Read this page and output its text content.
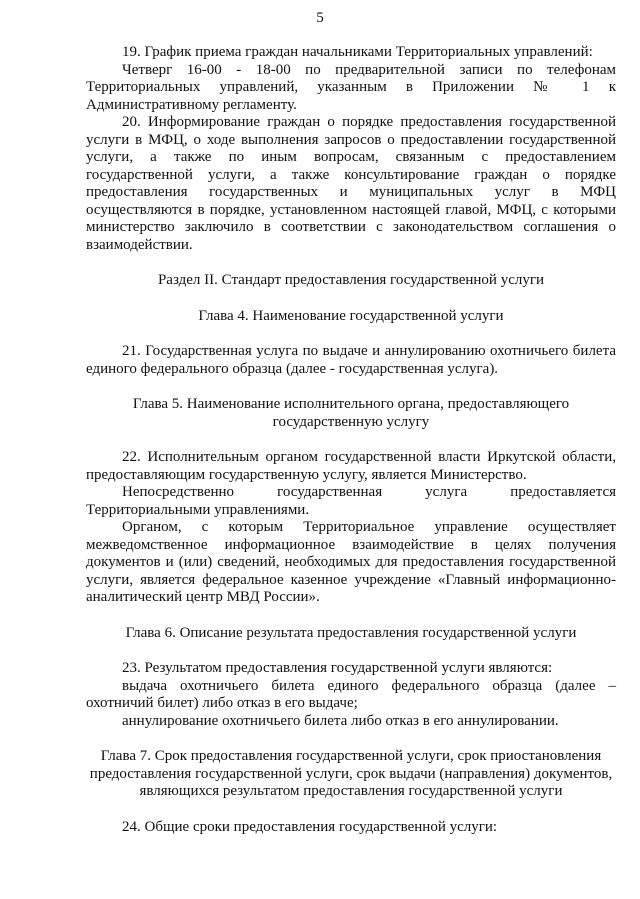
5

19. График приема граждан начальниками Территориальных управлений:

Четверг 16-00 - 18-00 по предварительной записи по телефонам Территориальных управлений, указанным в Приложении № 1 к Административному регламенту.

20. Информирование граждан о порядке предоставления государственной услуги в МФЦ, о ходе выполнения запросов о предоставлении государственной услуги, а также по иным вопросам, связанным с предоставлением государственной услуги, а также консультирование граждан о порядке предоставления государственных и муниципальных услуг в МФЦ осуществляются в порядке, установленном настоящей главой, МФЦ, с которыми министерство заключило в соответствии с законодательством соглашения о взаимодействии.

Раздел II. Стандарт предоставления государственной услуги

Глава 4. Наименование государственной услуги

21. Государственная услуга по выдаче и аннулированию охотничьего билета единого федерального образца (далее - государственная услуга).

Глава 5. Наименование исполнительного органа, предоставляющего

государственную услугу

22. Исполнительным органом государственной власти Иркутской области, предоставляющим государственную услугу, является Министерство.

Непосредственно государственная услуга предоставляется Территориальными управлениями.

Органом, с которым Территориальное управление осуществляет межведомственное информационное взаимодействие в целях получения документов и (или) сведений, необходимых для предоставления государственной услуги, является федеральное казенное учреждение «Главный информационно-аналитический центр МВД России».

Глава 6. Описание результата предоставления государственной услуги

23. Результатом предоставления государственной услуги являются:

выдача охотничьего билета единого федерального образца (далее – охотничий билет) либо отказ в его выдаче;

аннулирование охотничьего билета либо отказ в его аннулировании.

Глава 7. Срок предоставления государственной услуги, срок приостановления

предоставления государственной услуги, срок выдачи (направления) документов,

являющихся результатом предоставления государственной услуги

24. Общие сроки предоставления государственной услуги:
